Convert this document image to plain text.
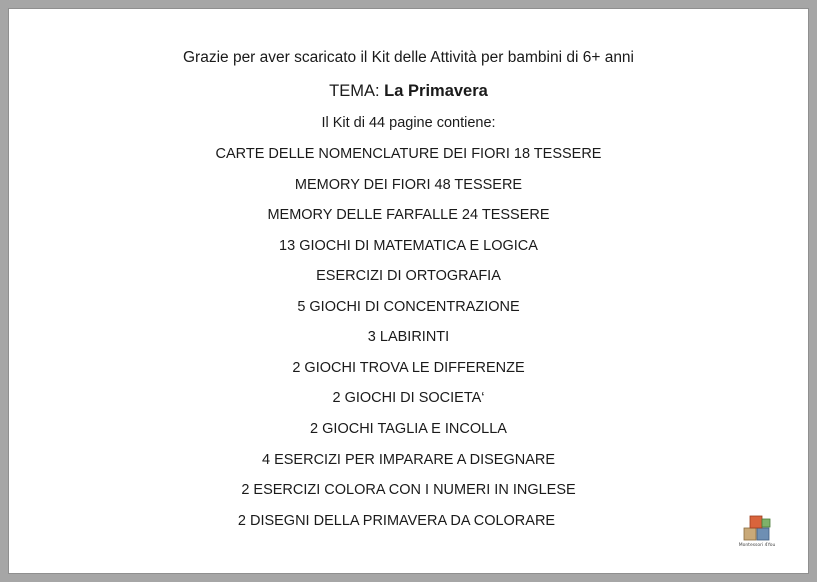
Grazie per aver scaricato il Kit delle Attività per bambini di 6+ anni
TEMA: La Primavera
Il Kit di 44 pagine contiene:
CARTE DELLE NOMENCLATURE DEI FIORI 18 TESSERE
MEMORY DEI FIORI 48 TESSERE
MEMORY DELLE FARFALLE 24 TESSERE
13 GIOCHI DI MATEMATICA E LOGICA
ESERCIZI DI ORTOGRAFIA
5 GIOCHI DI CONCENTRAZIONE
3 LABIRINTI
2 GIOCHI TROVA LE DIFFERENZE
2 GIOCHI DI SOCIETA‘
2 GIOCHI TAGLIA E INCOLLA
4 ESERCIZI PER IMPARARE A DISEGNARE
2 ESERCIZI COLORA CON I NUMERI IN INGLESE
2 DISEGNI DELLA PRIMAVERA DA COLORARE
Montessori 4You
